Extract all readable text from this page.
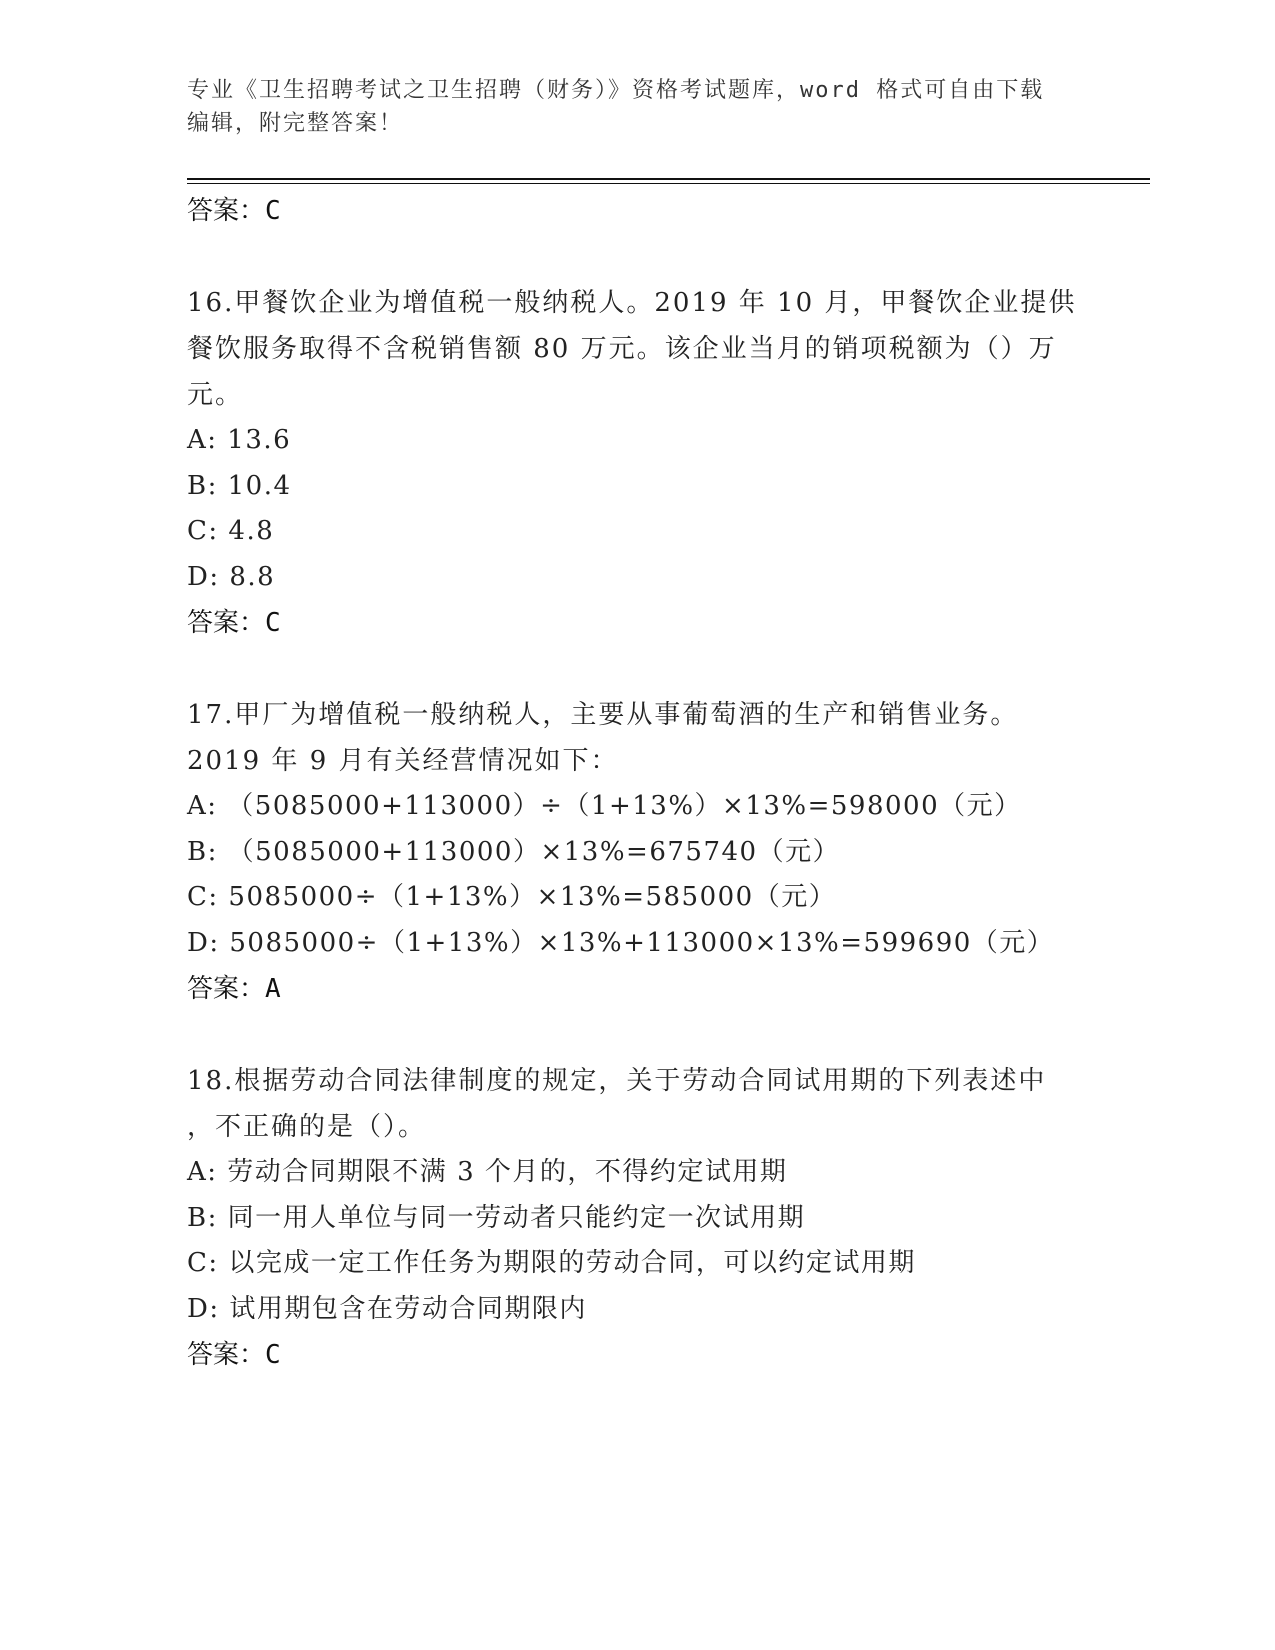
专业《卫生招聘考试之卫生招聘（财务）》资格考试题库，word 格式可自由下载
编辑，附完整答案！
答案：C
16.甲餐饮企业为增值税一般纳税人。2019 年 10 月，甲餐饮企业提供
餐饮服务取得不含税销售额 80 万元。该企业当月的销项税额为（）万
元。
A: 13.6
B: 10.4
C: 4.8
D: 8.8
答案：C
17.甲厂为增值税一般纳税人，主要从事葡萄酒的生产和销售业务。
2019 年 9 月有关经营情况如下：
A: （5085000+113000）÷（1+13%）×13%=598000（元）
B: （5085000+113000）×13%=675740（元）
C: 5085000÷（1+13%）×13%=585000（元）
D: 5085000÷（1+13%）×13%+113000×13%=599690（元）
答案：A
18.根据劳动合同法律制度的规定，关于劳动合同试用期的下列表述中
，不正确的是（）。
A: 劳动合同期限不满 3 个月的，不得约定试用期
B: 同一用人单位与同一劳动者只能约定一次试用期
C: 以完成一定工作任务为期限的劳动合同，可以约定试用期
D: 试用期包含在劳动合同期限内
答案：C
